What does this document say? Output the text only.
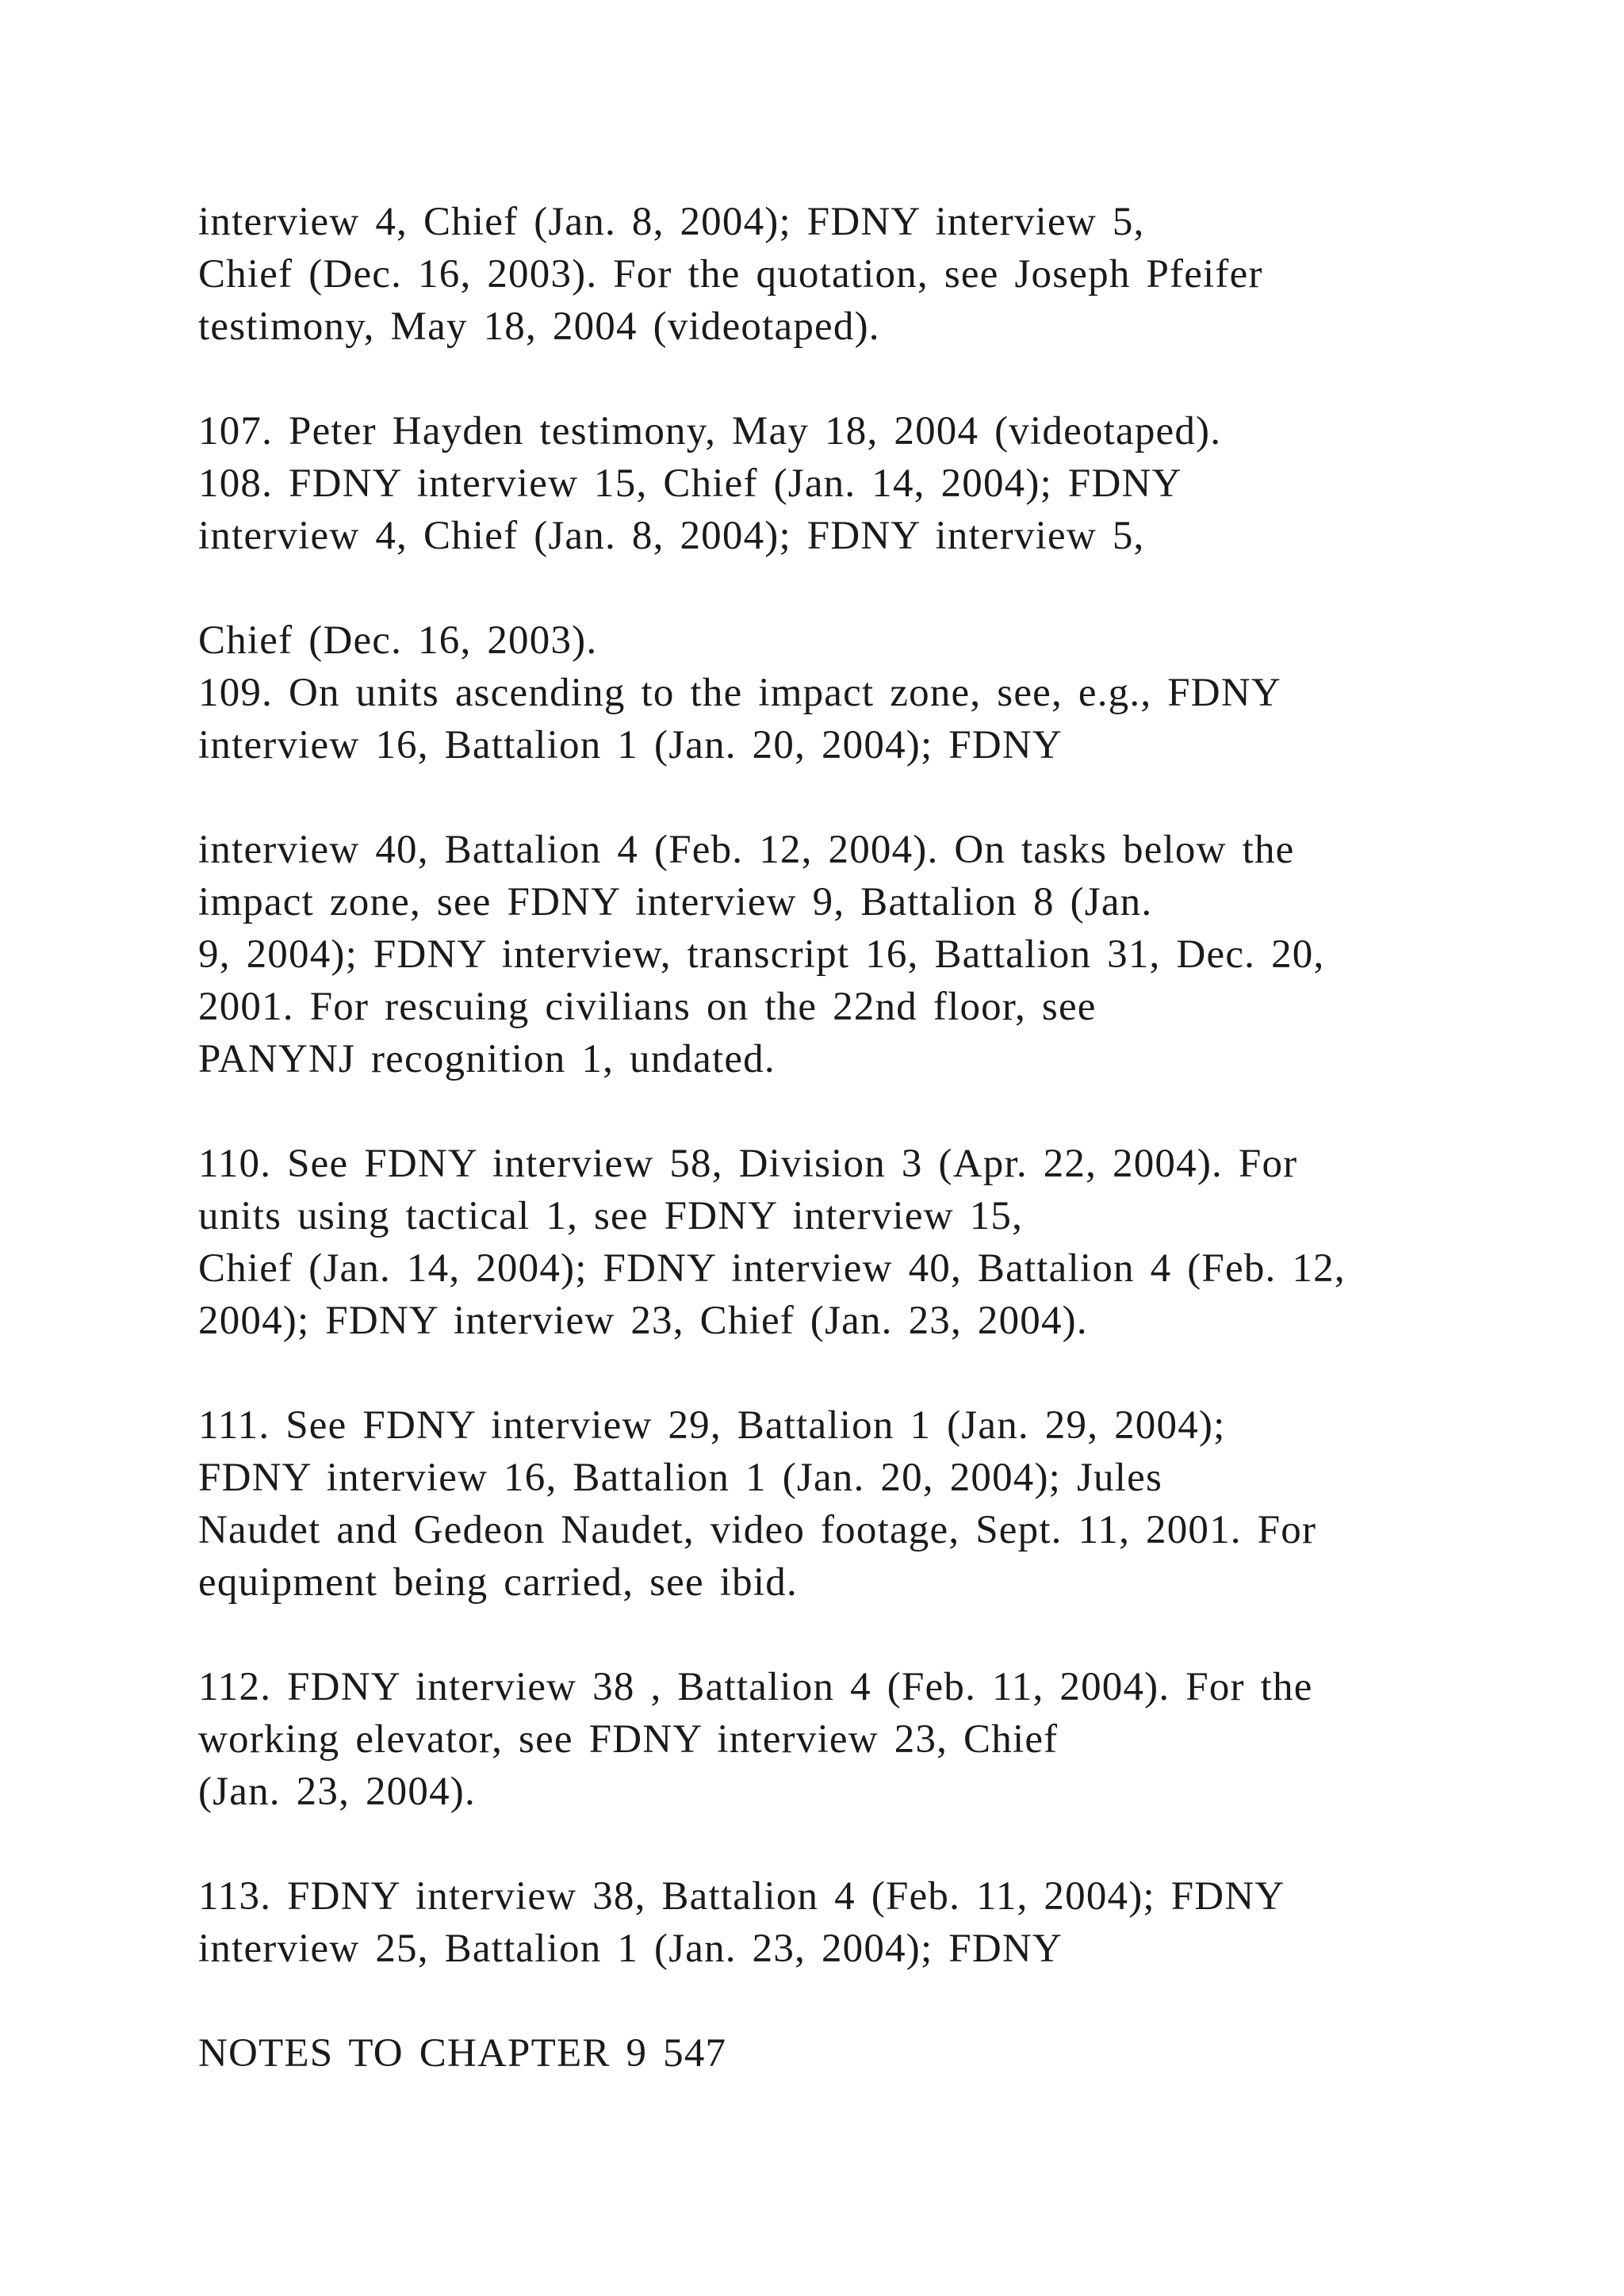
interview 4, Chief (Jan. 8, 2004); FDNY interview 5,

Chief (Dec. 16, 2003). For the quotation, see Joseph Pfeifer

testimony, May 18, 2004 (videotaped).

107. Peter Hayden testimony, May 18, 2004 (videotaped).

108. FDNY interview 15, Chief (Jan. 14, 2004); FDNY

interview 4, Chief (Jan. 8, 2004); FDNY interview 5,

Chief (Dec. 16, 2003).

109. On units ascending to the impact zone, see, e.g., FDNY

interview 16, Battalion 1 (Jan. 20, 2004); FDNY

interview 40, Battalion 4 (Feb. 12, 2004). On tasks below the

impact zone, see FDNY interview 9, Battalion 8 (Jan.

9, 2004); FDNY interview, transcript 16, Battalion 31, Dec. 20,

2001. For rescuing civilians on the 22nd floor, see

PANYNJ recognition 1, undated.

110. See FDNY interview 58, Division 3 (Apr. 22, 2004). For

units using tactical 1, see FDNY interview 15,

Chief (Jan. 14, 2004); FDNY interview 40, Battalion 4 (Feb. 12,

2004); FDNY interview 23, Chief (Jan. 23, 2004).

111. See FDNY interview 29, Battalion 1 (Jan. 29, 2004);

FDNY interview 16, Battalion 1 (Jan. 20, 2004); Jules

Naudet and Gedeon Naudet, video footage, Sept. 11, 2001. For

equipment being carried, see ibid.

112. FDNY interview 38 , Battalion 4 (Feb. 11, 2004). For the

working elevator, see FDNY interview 23, Chief

(Jan. 23, 2004).

113. FDNY interview 38, Battalion 4 (Feb. 11, 2004); FDNY

interview 25, Battalion 1 (Jan. 23, 2004); FDNY

NOTES TO CHAPTER 9 547
